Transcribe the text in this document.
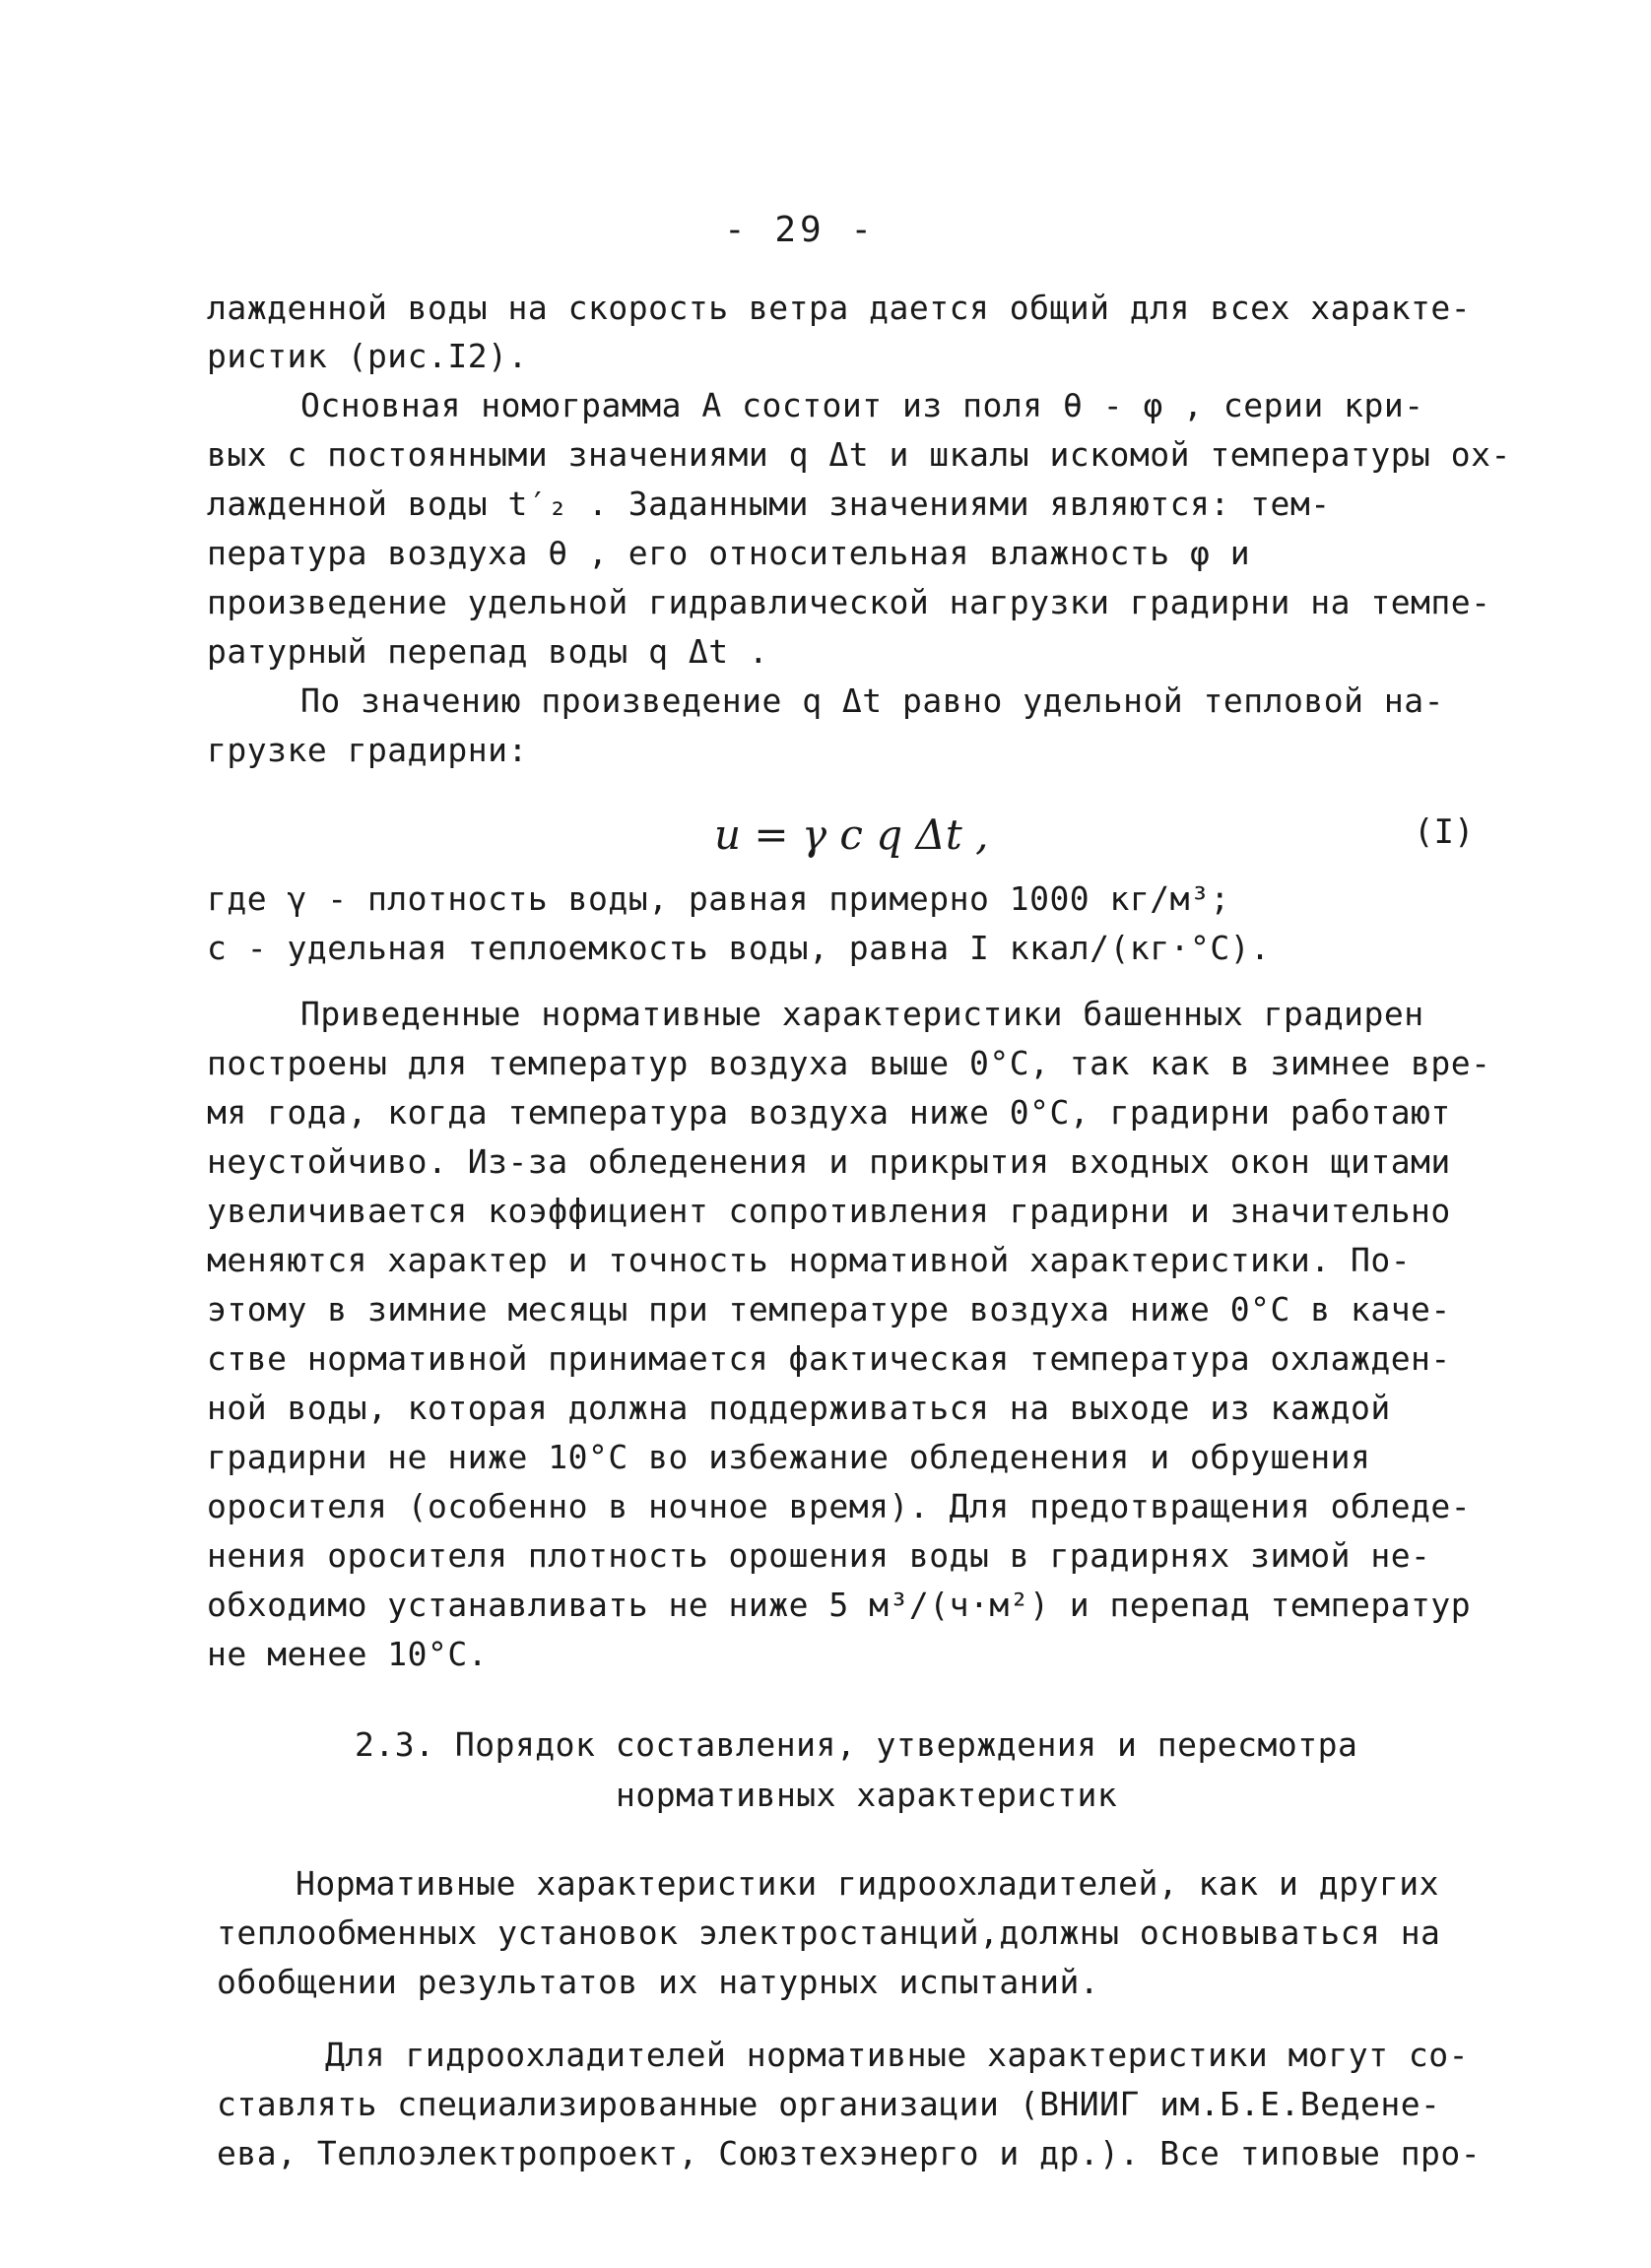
- 29 -
лажденной воды на скорость ветра дается общий для всех характе-
ристик (рис.I2).
Основная номограмма A состоит из поля θ - φ , серии кри-
вых с постоянными значениями q Δt и шкалы искомой температуры ох-
лажденной воды t′₂ . Заданными значениями являются: тем-
пература воздуха θ , его относительная влажность φ и
произведение удельной гидравлической нагрузки градирни на темпе-
ратурный перепад воды q Δt .
По значению произведение q Δt равно удельной тепловой на-
грузке градирни:
u = γ c q Δt ,	(I)
где γ - плотность воды, равная примерно 1000 кг/м³;
c - удельная теплоемкость воды, равна I ккал/(кг·°С).
Приведенные нормативные характеристики башенных градирен
построены для температур воздуха выше 0°С, так как в зимнее вре-
мя года, когда температура воздуха ниже 0°С, градирни работают
неустойчиво. Из-за обледенения и прикрытия входных окон щитами
увеличивается коэффициент сопротивления градирни и значительно
меняются характер и точность нормативной характеристики. По-
этому в зимние месяцы при температуре воздуха ниже 0°С в каче-
стве нормативной принимается фактическая температура охлажден-
ной воды, которая должна поддерживаться на выходе из каждой
градирни не ниже 10°С во избежание обледенения и обрушения
оросителя (особенно в ночное время). Для предотвращения обледе-
нения оросителя плотность орошения воды в градирнях зимой не-
обходимо устанавливать не ниже 5 м³/(ч·м²) и перепад температур
не менее 10°С.
2.3. Порядок составления, утверждения и пересмотра
нормативных характеристик
Нормативные характеристики гидроохладителей, как и других
теплообменных установок электростанций,должны основываться на
обобщении результатов их натурных испытаний.
Для гидроохладителей нормативные характеристики могут со-
ставлять специализированные организации (ВНИИГ им.Б.Е.Веденe-
ева, Теплоэлектропроект, Союзтехэнерго и др.). Все типовые про-
